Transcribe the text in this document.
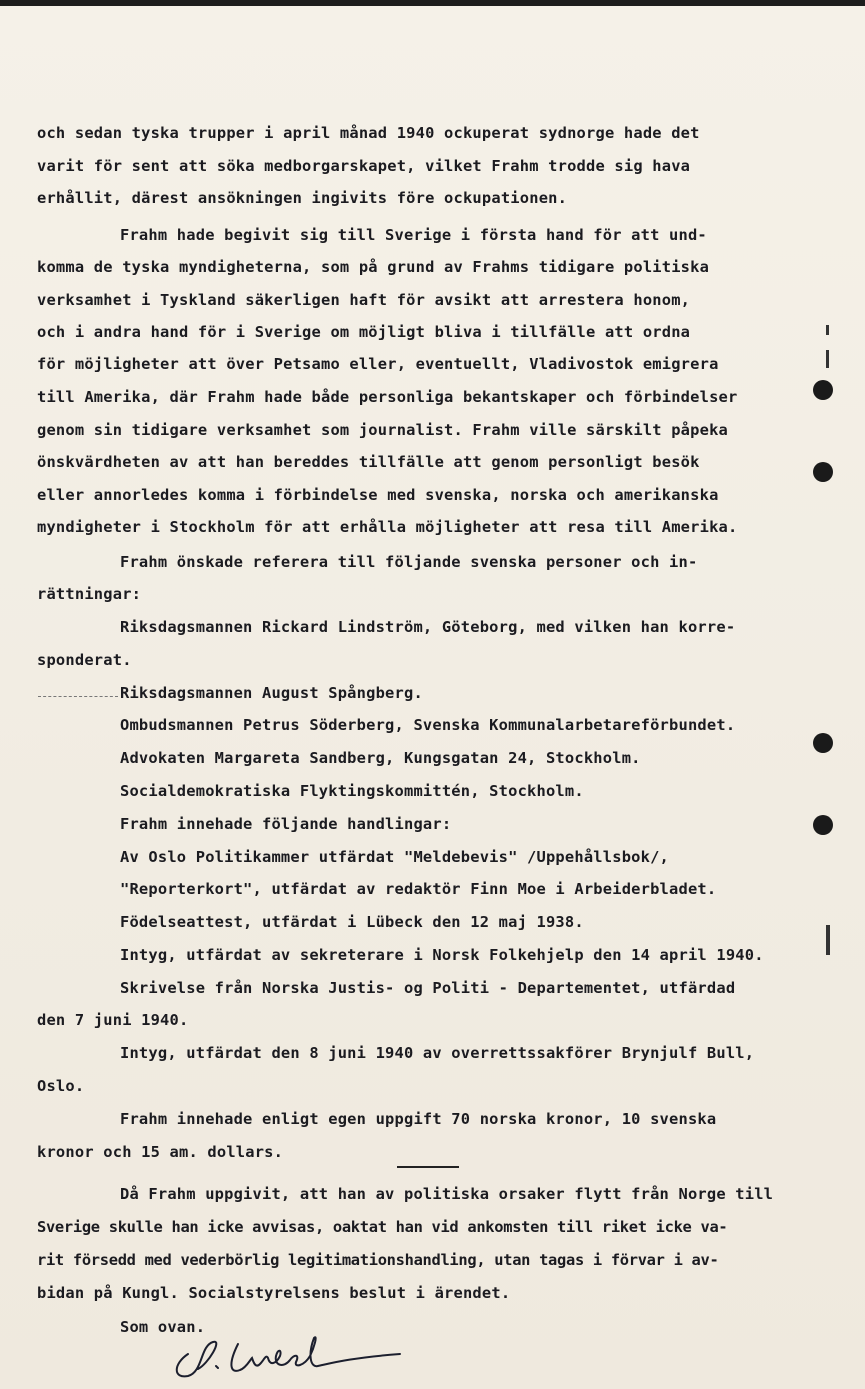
och sedan tyska trupper i april månad 1940 ockuperat sydnorge hade det
varit för sent att söka medborgarskapet, vilket Frahm trodde sig hava
erhållit, därest ansökningen ingivits före ockupationen.
Frahm hade begivit sig till Sverige i första hand för att und-
komma de tyska myndigheterna, som på grund av Frahms tidigare politiska
verksamhet i Tyskland säkerligen haft för avsikt att arrestera honom,
och i andra hand för i Sverige om möjligt bliva i tillfälle att ordna
för möjligheter att över Petsamo eller, eventuellt, Vladivostok emigrera
till Amerika, där Frahm hade både personliga bekantskaper och förbindelser
genom sin tidigare verksamhet som journalist. Frahm ville särskilt påpeka
önskvärdheten av att han bereddes tillfälle att genom personligt besök
eller annorledes komma i förbindelse med svenska, norska och amerikanska
myndigheter i Stockholm för att erhålla möjligheter att resa till Amerika.
Frahm önskade referera till följande svenska personer och in-
rättningar:
Riksdagsmannen Rickard Lindström, Göteborg, med vilken han korre-
sponderat.
Riksdagsmannen August Spångberg.
Ombudsmannen Petrus Söderberg, Svenska Kommunalarbetareförbundet.
Advokaten Margareta Sandberg, Kungsgatan 24, Stockholm.
Socialdemokratiska Flyktingskommittén, Stockholm.
Frahm innehade följande handlingar:
Av Oslo Politikammer utfärdat "Meldebevis" /Uppehållsbok/,
"Reporterkort", utfärdat av redaktör Finn Moe i Arbeiderbladet.
Födelseattest, utfärdat i Lübeck den 12 maj 1938.
Intyg, utfärdat av sekreterare i Norsk Folkehjelp den 14 april 1940.
Skrivelse från Norska Justis- og Politi - Departementet, utfärdad
den 7 juni 1940.
Intyg, utfärdat den 8 juni 1940 av overrettssakförer Brynjulf Bull,
Oslo.
Frahm innehade enligt egen uppgift 70 norska kronor, 10 svenska
kronor och 15 am. dollars.
Då Frahm uppgivit, att han av politiska orsaker flytt från Norge till
Sverige skulle han icke avvisas, oaktat han vid ankomsten till riket icke va-
rit försedd med vederbörlig legitimationshandling, utan tagas i förvar i av-
bidan på Kungl. Socialstyrelsens beslut i ärendet.
Som ovan.
